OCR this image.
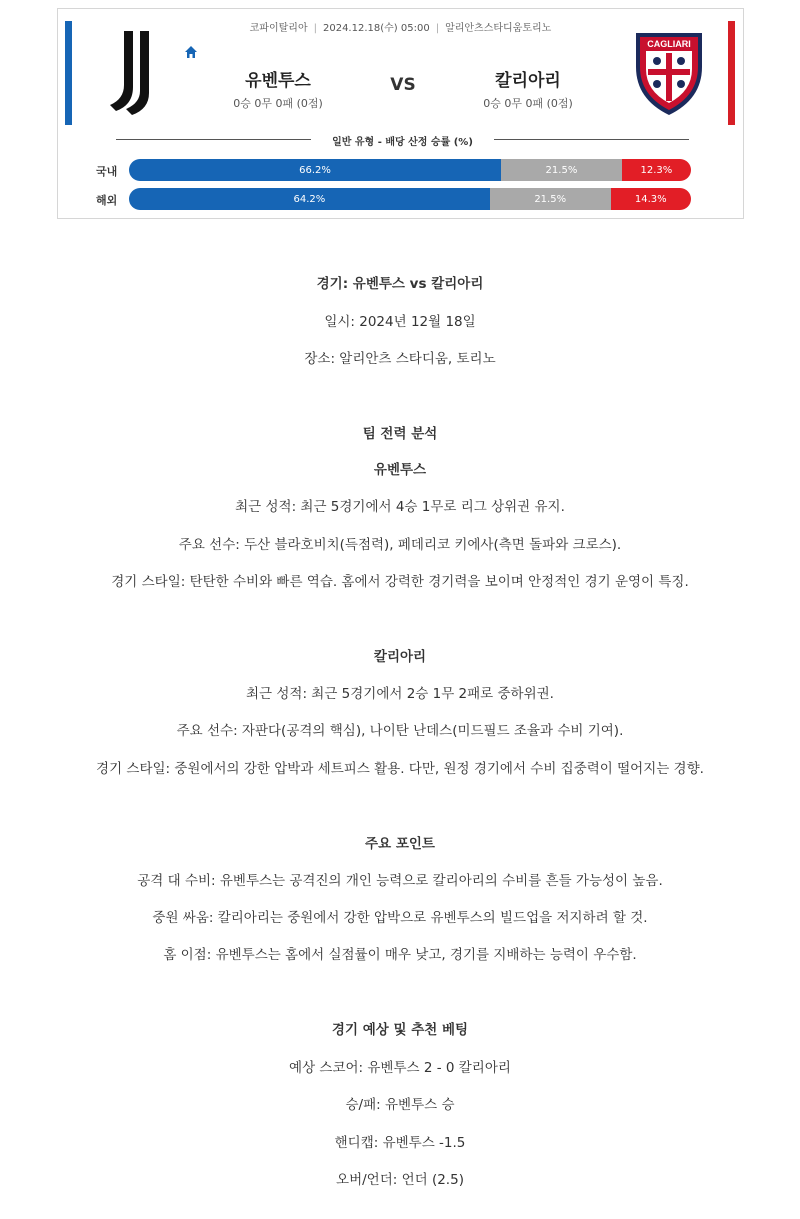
코파이탈리아 | 2024.12.18(수) 05:00 | 알리안츠스타디움토리노
CAGLIARI
유벤투스
0승 0무 0패 (0점)
VS	칼리아리
0승 0무 0패 (0점)
일반 유형 - 배당 산정 승률 (%)
국내	66.2%	21.5%	12.3%
해외	64.2%	21.5%	14.3%
경기: 유벤투스 vs 칼리아리
일시: 2024년 12월 18일
장소: 알리안츠 스타디움, 토리노
팀 전력 분석
유벤투스
최근 성적: 최근 5경기에서 4승 1무로 리그 상위권 유지.
주요 선수: 두산 블라호비치(득점력), 페데리코 키에사(측면 돌파와 크로스).
경기 스타일: 탄탄한 수비와 빠른 역습. 홈에서 강력한 경기력을 보이며 안정적인 경기 운영이 특징.
칼리아리
최근 성적: 최근 5경기에서 2승 1무 2패로 중하위권.
주요 선수: 자판다(공격의 핵심), 나이탄 난데스(미드필드 조율과 수비 기여).
경기 스타일: 중원에서의 강한 압박과 세트피스 활용. 다만, 원정 경기에서 수비 집중력이 떨어지는 경향.
주요 포인트
공격 대 수비: 유벤투스는 공격진의 개인 능력으로 칼리아리의 수비를 흔들 가능성이 높음.
중원 싸움: 칼리아리는 중원에서 강한 압박으로 유벤투스의 빌드업을 저지하려 할 것.
홈 이점: 유벤투스는 홈에서 실점률이 매우 낮고, 경기를 지배하는 능력이 우수함.
경기 예상 및 추천 베팅
예상 스코어: 유벤투스 2 - 0 칼리아리
승/패: 유벤투스 승
핸디캡: 유벤투스 -1.5
오버/언더: 언더 (2.5)
